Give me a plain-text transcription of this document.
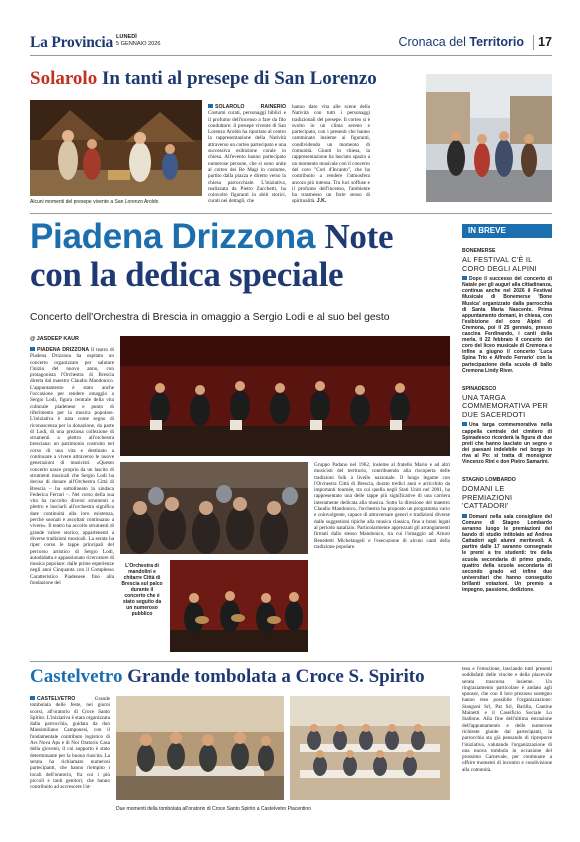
La Provincia LUNEDÌ
5 GENNAIO 2026	Cronaca del Territorio 17
Solarolo In tanti al presepe di San Lorenzo
Alcuni momenti del presepe vivente a San Lorenzo Aroldo
SOLAROLO RAINERIO Costumi curati, personaggi biblici e il profumo dell'incenso a fare da filo conduttore: il presepe vivente di San Lorenzo Aroldo ha riportato al centro la rappresentazione della Natività attraverso un corteo partecipato e una successiva esibizione corale in chiesa. All'evento hanno partecipato numerose persone, che si sono unite al corteo dei Re Magi in costume, partito dalla piazza e diretto verso la chiesa parrocchiale. L'iniziativa, realizzata da Pietro Zacchetti, ha coinvolto figuranti in abiti storici, curati nei dettagli, che
hanno dato vita alle scene della Natività con tutti i personaggi tradizionali del presepe. Il corteo si è svolto in un clima sereno e partecipato, con i presenti che hanno camminato insieme ai figuranti, condividendo un momento di comunità. Giunti in chiesa, la rappresentazione ha lasciato spazio a un momento musicale con il concerto del coro "Cori d'Incanto", che ha contribuito a rendere l'atmosfera ancora più intensa. Tra luci soffuse e il profumo dell'incenso, l'ambiente ha trasmesso un forte senso di spiritualità. J.K.
Piadena Drizzona Note
con la dedica speciale
Concerto dell'Orchestra di Brescia in omaggio a Sergio Lodi e al suo bel gesto
@ JASDEEP KAUR
PIADENA DRIZZONA Il teatro di Piadena Drizzona ha ospitato un concerto organizzato per salutare l'inizio del nuovo anno, con protagonista l'Orchestra di Brescia diretta dal maestro Claudio Mandonico. L'appuntamento è stato anche l'occasione per rendere omaggio a Sergio Lodi, figura centrale della vita culturale piadenese e punto di riferimento per la musica popolare. L'iniziativa è nata come segno di riconoscenza per la donazione, da parte di Lodi, di una preziosa collezione di strumenti a plettro all'orchestra bresciana: un patrimonio costruito nel corso di una vita e destinato a continuare a vivere attraverso le nuove generazioni di musicisti. «Questo concerto nasce proprio da un lascito di strumenti musicali che Sergio Lodi ha deciso di donare all'Orchestra Città di Brescia – ha sottolineato la sindaca Federica Ferrari –. Nel corso della sua vita ha raccolto diversi strumenti a plettro e lasciarli all'orchestra significa dare continuità alla loro esistenza, perché suonati e ascoltati continuano a vivere». Il teatro ha accolto strumenti di grande valore storico, appartenenti a diverse tradizioni musicali. La serata ha riper corso le tappe principali del percorso artistico di Sergio Lodi, autodidatta e appassionato ricercatore di musica popolare: dalle prime esperienze negli anni Cinquanta con il Complesso Caratteristico Piadenese fino alla fondazione del
Gruppo Padano nel 1962, insieme al fratello Mario e ad altri musicisti del territorio, contribuendo alla riscoperta delle tradizioni folk a livello nazionale. Il lungo legame con l'Orchestra Città di Brescia, durato tredici anni e arricchito da importanti tournée, tra cui quella negli Stati Uniti nel 2001, ha rappresentato una delle tappe più significative di una carriera interamente dedicata alla musica. Sotto la direzione del maestro Claudio Mandonico, l'orchestra ha proposto un programma vario e coinvolgente, capace di attraversare generi e tradizioni diverse dalle suggestioni tipiche alla musica classica, fino a brani legati al periodo natalizio. Particolarmente apprezzati gli arrangiamenti firmati dallo stesso Mandonico, tra cui l'omaggio ad Arturo Benedetti Michelangeli e l'esecuzione di alcuni canti della tradizione popolare.
L'Orchestra di mandolini e chitarre Città di Brescia sul palco durante il concerto che è stato seguito da un numeroso pubblico
IN BREVE
BONEMERSE
AL FESTIVAL C'È IL CORO DEGLI ALPINI
Dopo il successo del concerto di Natale per gli auguri alla cittadinanza, continua anche nel 2026 il Festival Musicale di Bonemerse 'Bone Musica' organizzato dalla parrocchia di Santa Maria Nascente. Prima appuntamento domani, in chiesa, con l'esibizione del coro Alpini di Cremona, poi il 25 gennaio, presso cascina Ferdinando, i canti della merla, il 22 febbraio il concerto del coro del liceo musicale di Cremona e infine a giugno il concerto 'Luca Spina Trio e Alfredo Ferrario' con la partecipazione della scuola di ballo Cremona Lindy River.
SPINADESCO
UNA TARGA COMMEMORATIVA PER DUE SACERDOTI
Una targa commemorativa nella cappella centrale del cimitero di Spinadesco ricorderà la figura di due preti che hanno lasciato un segno e dei paesani indelebile nel borgo in riva al Po: si tratta di monsignor Vincenzo Rini e don Pietro Samarini.
STAGNO LOMBARDO
DOMANI LE PREMIAZIONI 'CATTADORI'
Domani nella sala consigliare del Comune di Stagno Lombardo avranno luogo le premiazioni del bando di studio intitolato ad Andrea Cattadori agli alunni meritevoli. A partire dalle 17 saranno consegnate le premi a tre studenti: tre della scuola secondaria di primo grado, quattro della scuola secondaria di secondo grado ed infine due universitari che hanno conseguito brillanti votazioni. Un premio a impegno, passione, dedizione.
Castelvetro Grande tombolata a Croce S. Spirito
CASTELVETRO	Grande tombolata delle feste, nei giorni scorsi, all'oratorio di Croce Santo Spirito. L'iniziativa è stata organizzata dalla parrocchia, guidata da don Massimiliano Camponesi, con il fondamentale contributo logistico di Ars Nova Aps e di Noi Oratorio Casa della giovenù, il cui supporto è stato determinante per la buona riuscita. La serata ha richiamato numerosi partecipanti, che hanno riempito i locali dell'oratorio, fra cui i più piccoli e tanti genitori, che hanno contribuito ad accrescere l'at-
Due momenti della tombolata all'oratorio di Croce Santo Spirito a Castelvetro Piacentino
tesa e l'emozione, lasciando tutti presenti soddisfatti delle vincite e della piacevole serata trascorsa insieme. Un ringraziamento particolare è andato agli sponsor, che con il loro prezioso sostegno hanno reso possibile l'organizzazione: Stangoni Srl, Pat Srl, Barilla, Cantine Mainetti e il Caseificio Sociale Lo Stallone. Alla fine dell'ultima estrazione dell'appuntamento e delle numerose richieste giunte dai partecipanti, la parrocchia sta già pensando di riproporre l'iniziativa, valutando l'organizzazione di una nuova tombola in occasione del prossimo Carnevale, per continuare a offrire momenti di incontro e condivisione alla comunità.
